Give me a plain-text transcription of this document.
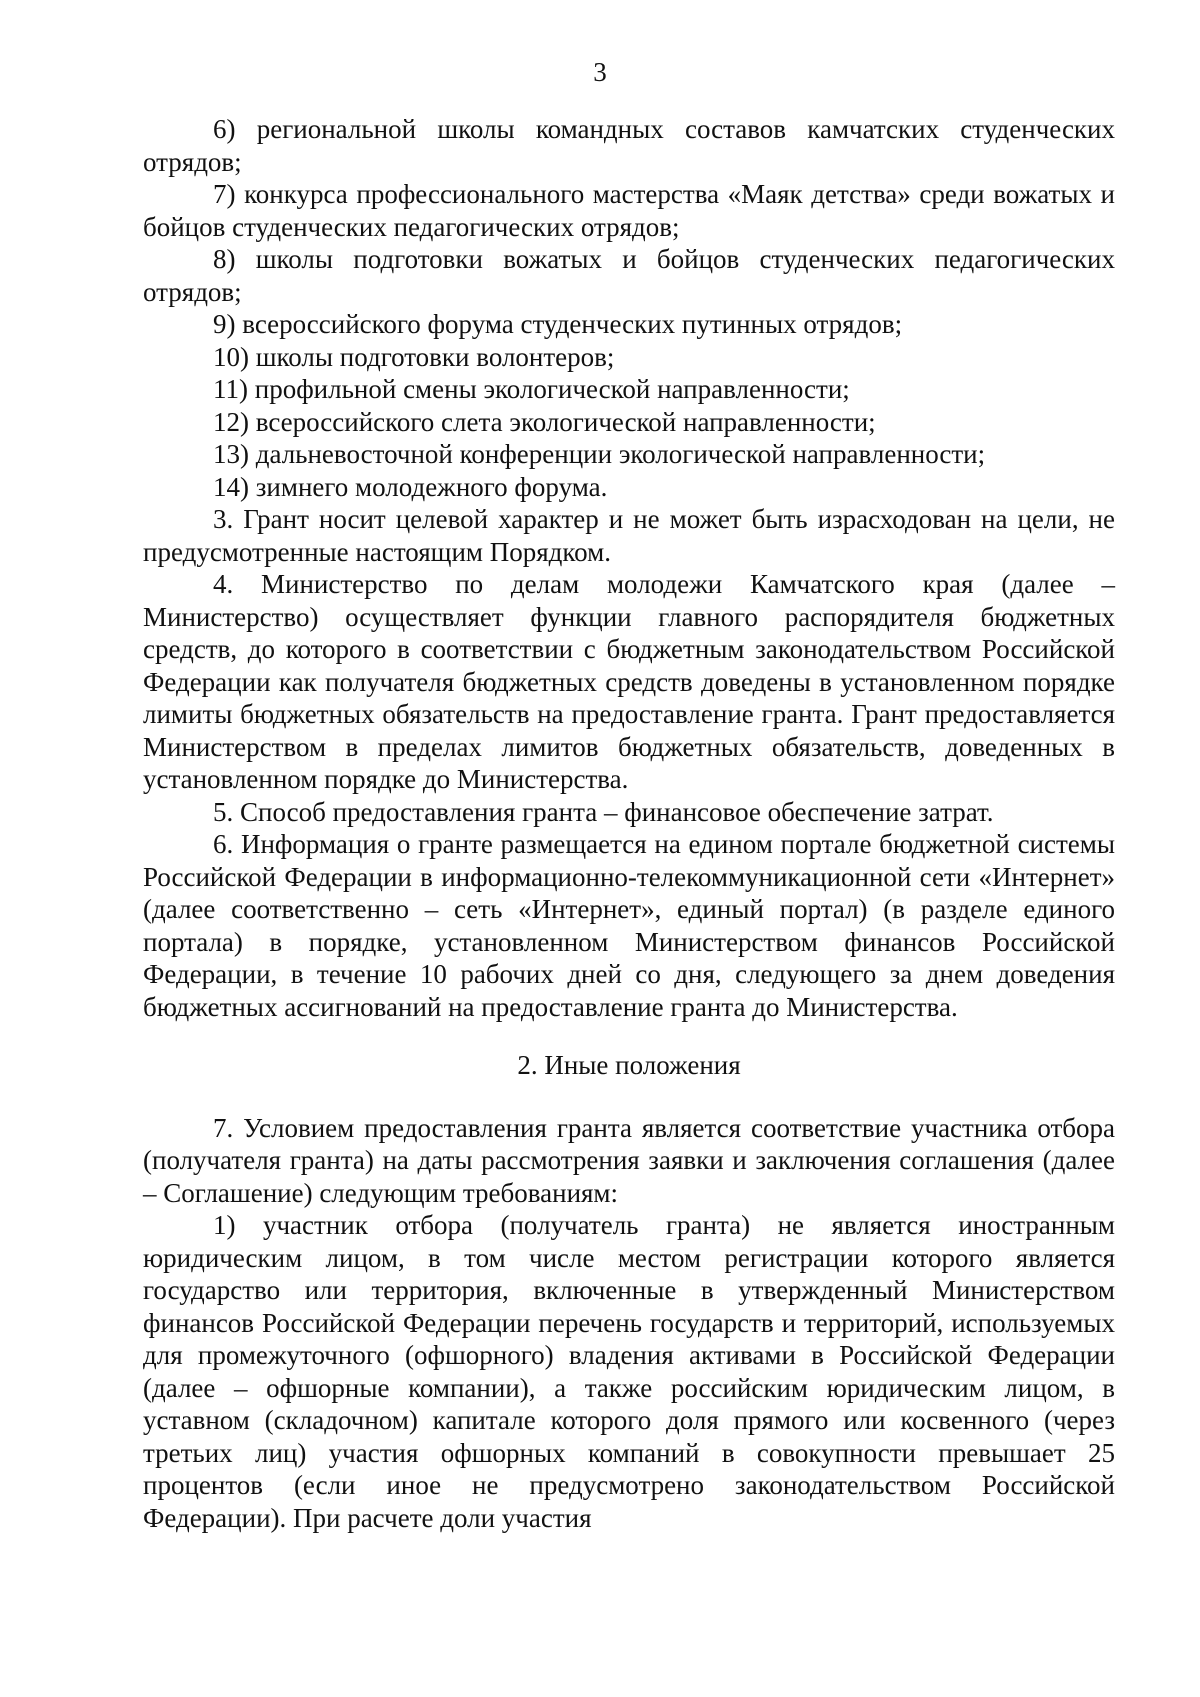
3

6) региональной школы командных составов камчатских студенческих отрядов;

7) конкурса профессионального мастерства «Маяк детства» среди вожатых и бойцов студенческих педагогических отрядов;

8) школы подготовки вожатых и бойцов студенческих педагогических отрядов;

9) всероссийского форума студенческих путинных отрядов;

10) школы подготовки волонтеров;

11) профильной смены экологической направленности;

12) всероссийского слета экологической направленности;

13) дальневосточной конференции экологической направленности;

14) зимнего молодежного форума.

3. Грант носит целевой характер и не может быть израсходован на цели, не предусмотренные настоящим Порядком.

4. Министерство по делам молодежи Камчатского края (далее – Министерство) осуществляет функции главного распорядителя бюджетных средств, до которого в соответствии с бюджетным законодательством Российской Федерации как получателя бюджетных средств доведены в установленном порядке лимиты бюджетных обязательств на предоставление гранта. Грант предоставляется Министерством в пределах лимитов бюджетных обязательств, доведенных в установленном порядке до Министерства.

5. Способ предоставления гранта – финансовое обеспечение затрат.

6. Информация о гранте размещается на едином портале бюджетной системы Российской Федерации в информационно-телекоммуникационной сети «Интернет» (далее соответственно – сеть «Интернет», единый портал) (в разделе единого портала) в порядке, установленном Министерством финансов Российской Федерации, в течение 10 рабочих дней со дня, следующего за днем доведения бюджетных ассигнований на предоставление гранта до Министерства.

2. Иные положения

7. Условием предоставления гранта является соответствие участника отбора (получателя гранта) на даты рассмотрения заявки и заключения соглашения (далее – Соглашение) следующим требованиям:

1) участник отбора (получатель гранта) не является иностранным юридическим лицом, в том числе местом регистрации которого является государство или территория, включенные в утвержденный Министерством финансов Российской Федерации перечень государств и территорий, используемых для промежуточного (офшорного) владения активами в Российской Федерации (далее – офшорные компании), а также российским юридическим лицом, в уставном (складочном) капитале которого доля прямого или косвенного (через третьих лиц) участия офшорных компаний в совокупности превышает 25 процентов (если иное не предусмотрено законодательством Российской Федерации). При расчете доли участия
